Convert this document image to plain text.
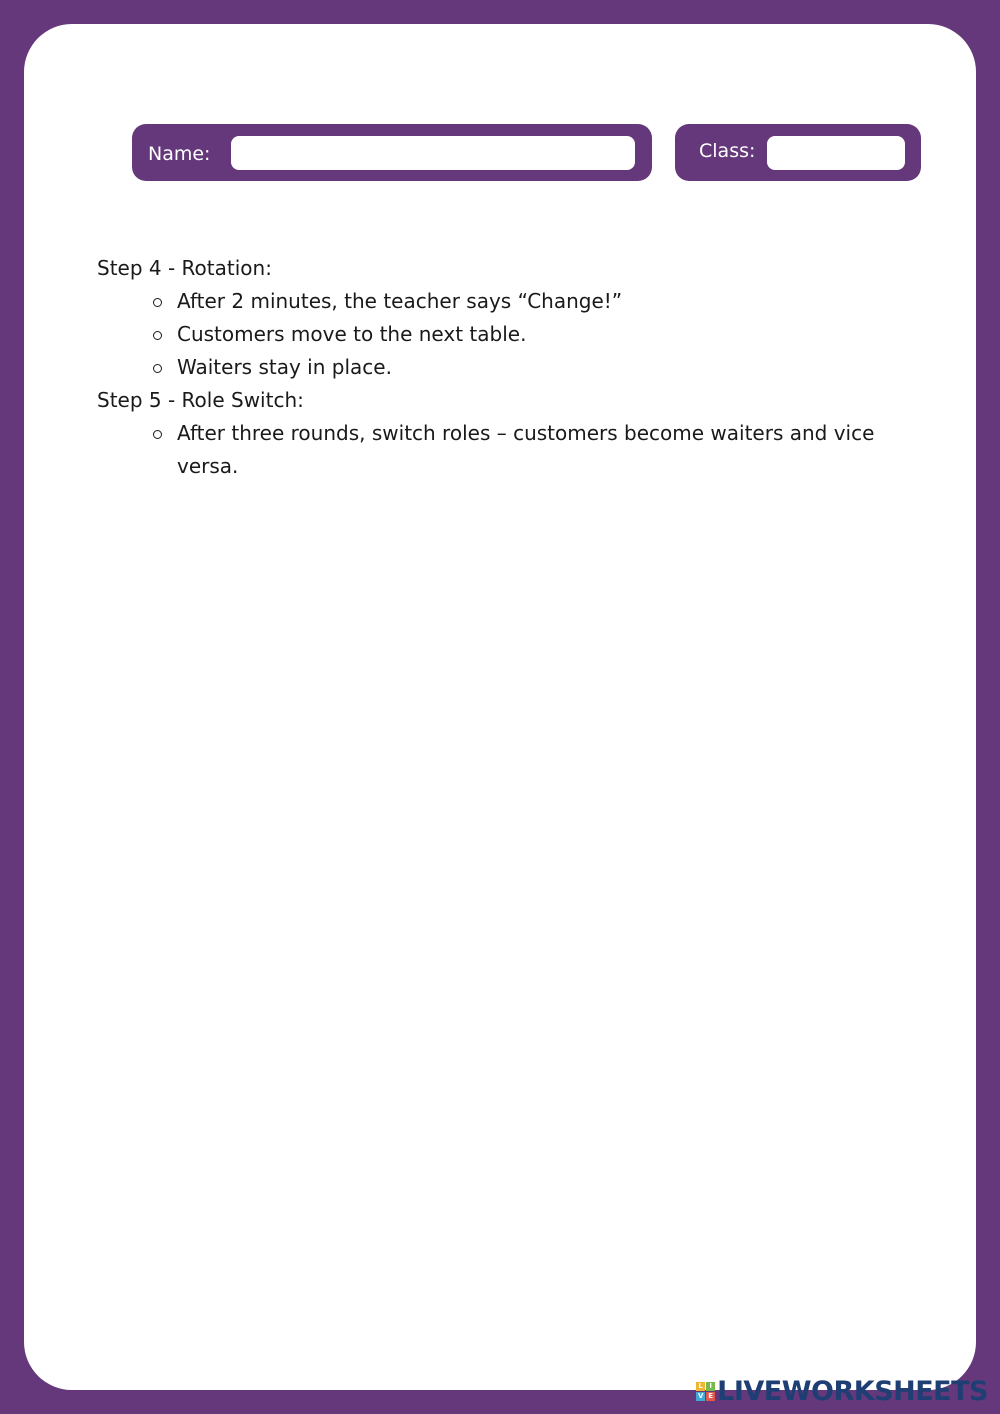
Name:	Class:

Step 4 - Rotation:

After 2 minutes, the teacher says “Change!”
Customers move to the next table.
Waiters stay in place.

Step 5 - Role Switch:

After three rounds, switch roles – customers become waiters and vice versa.
L I
V E LIVEWORKSHEETS
